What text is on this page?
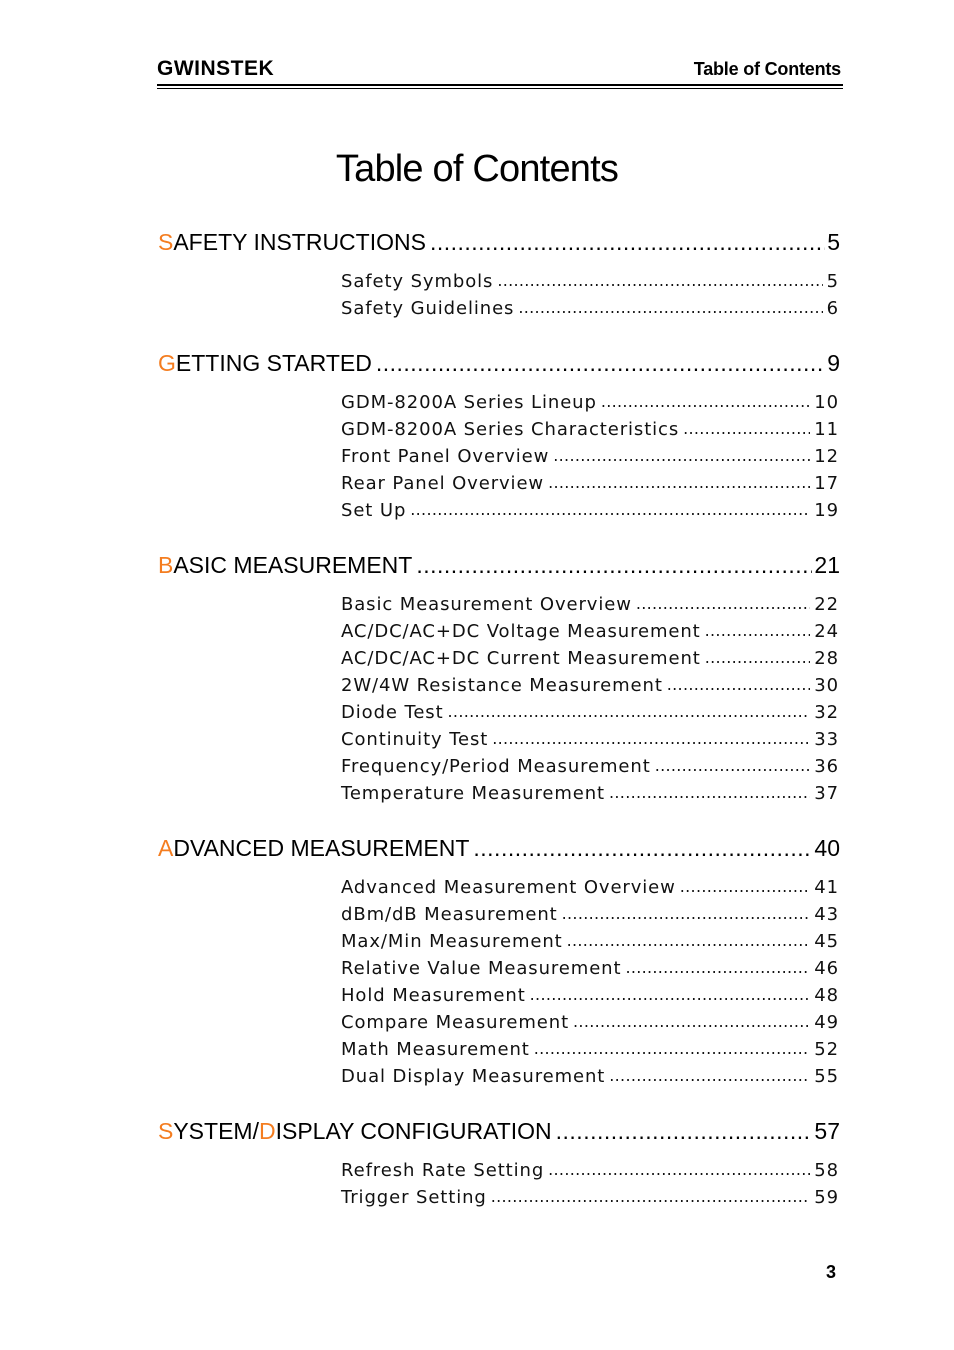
GWINSTEK	Table of Contents
Table of Contents
SAFETY INSTRUCTIONS .....	5
Safety Symbols .....	5
Safety Guidelines .....	6
GETTING STARTED .....	9
GDM-8200A Series Lineup .....	10
GDM-8200A Series Characteristics .....	11
Front Panel Overview .....	12
Rear Panel Overview .....	17
Set Up .....	19
BASIC MEASUREMENT .....	21
Basic Measurement Overview .....	22
AC/DC/AC+DC Voltage Measurement .....	24
AC/DC/AC+DC Current Measurement .....	28
2W/4W Resistance Measurement .....	30
Diode Test .....	32
Continuity Test .....	33
Frequency/Period Measurement .....	36
Temperature Measurement .....	37
ADVANCED MEASUREMENT .....	40
Advanced Measurement Overview .....	41
dBm/dB Measurement .....	43
Max/Min Measurement .....	45
Relative Value Measurement .....	46
Hold Measurement .....	48
Compare Measurement .....	49
Math Measurement .....	52
Dual Display Measurement .....	55
SYSTEM/DISPLAY CONFIGURATION .....	57
Refresh Rate Setting .....	58
Trigger Setting .....	59
3
